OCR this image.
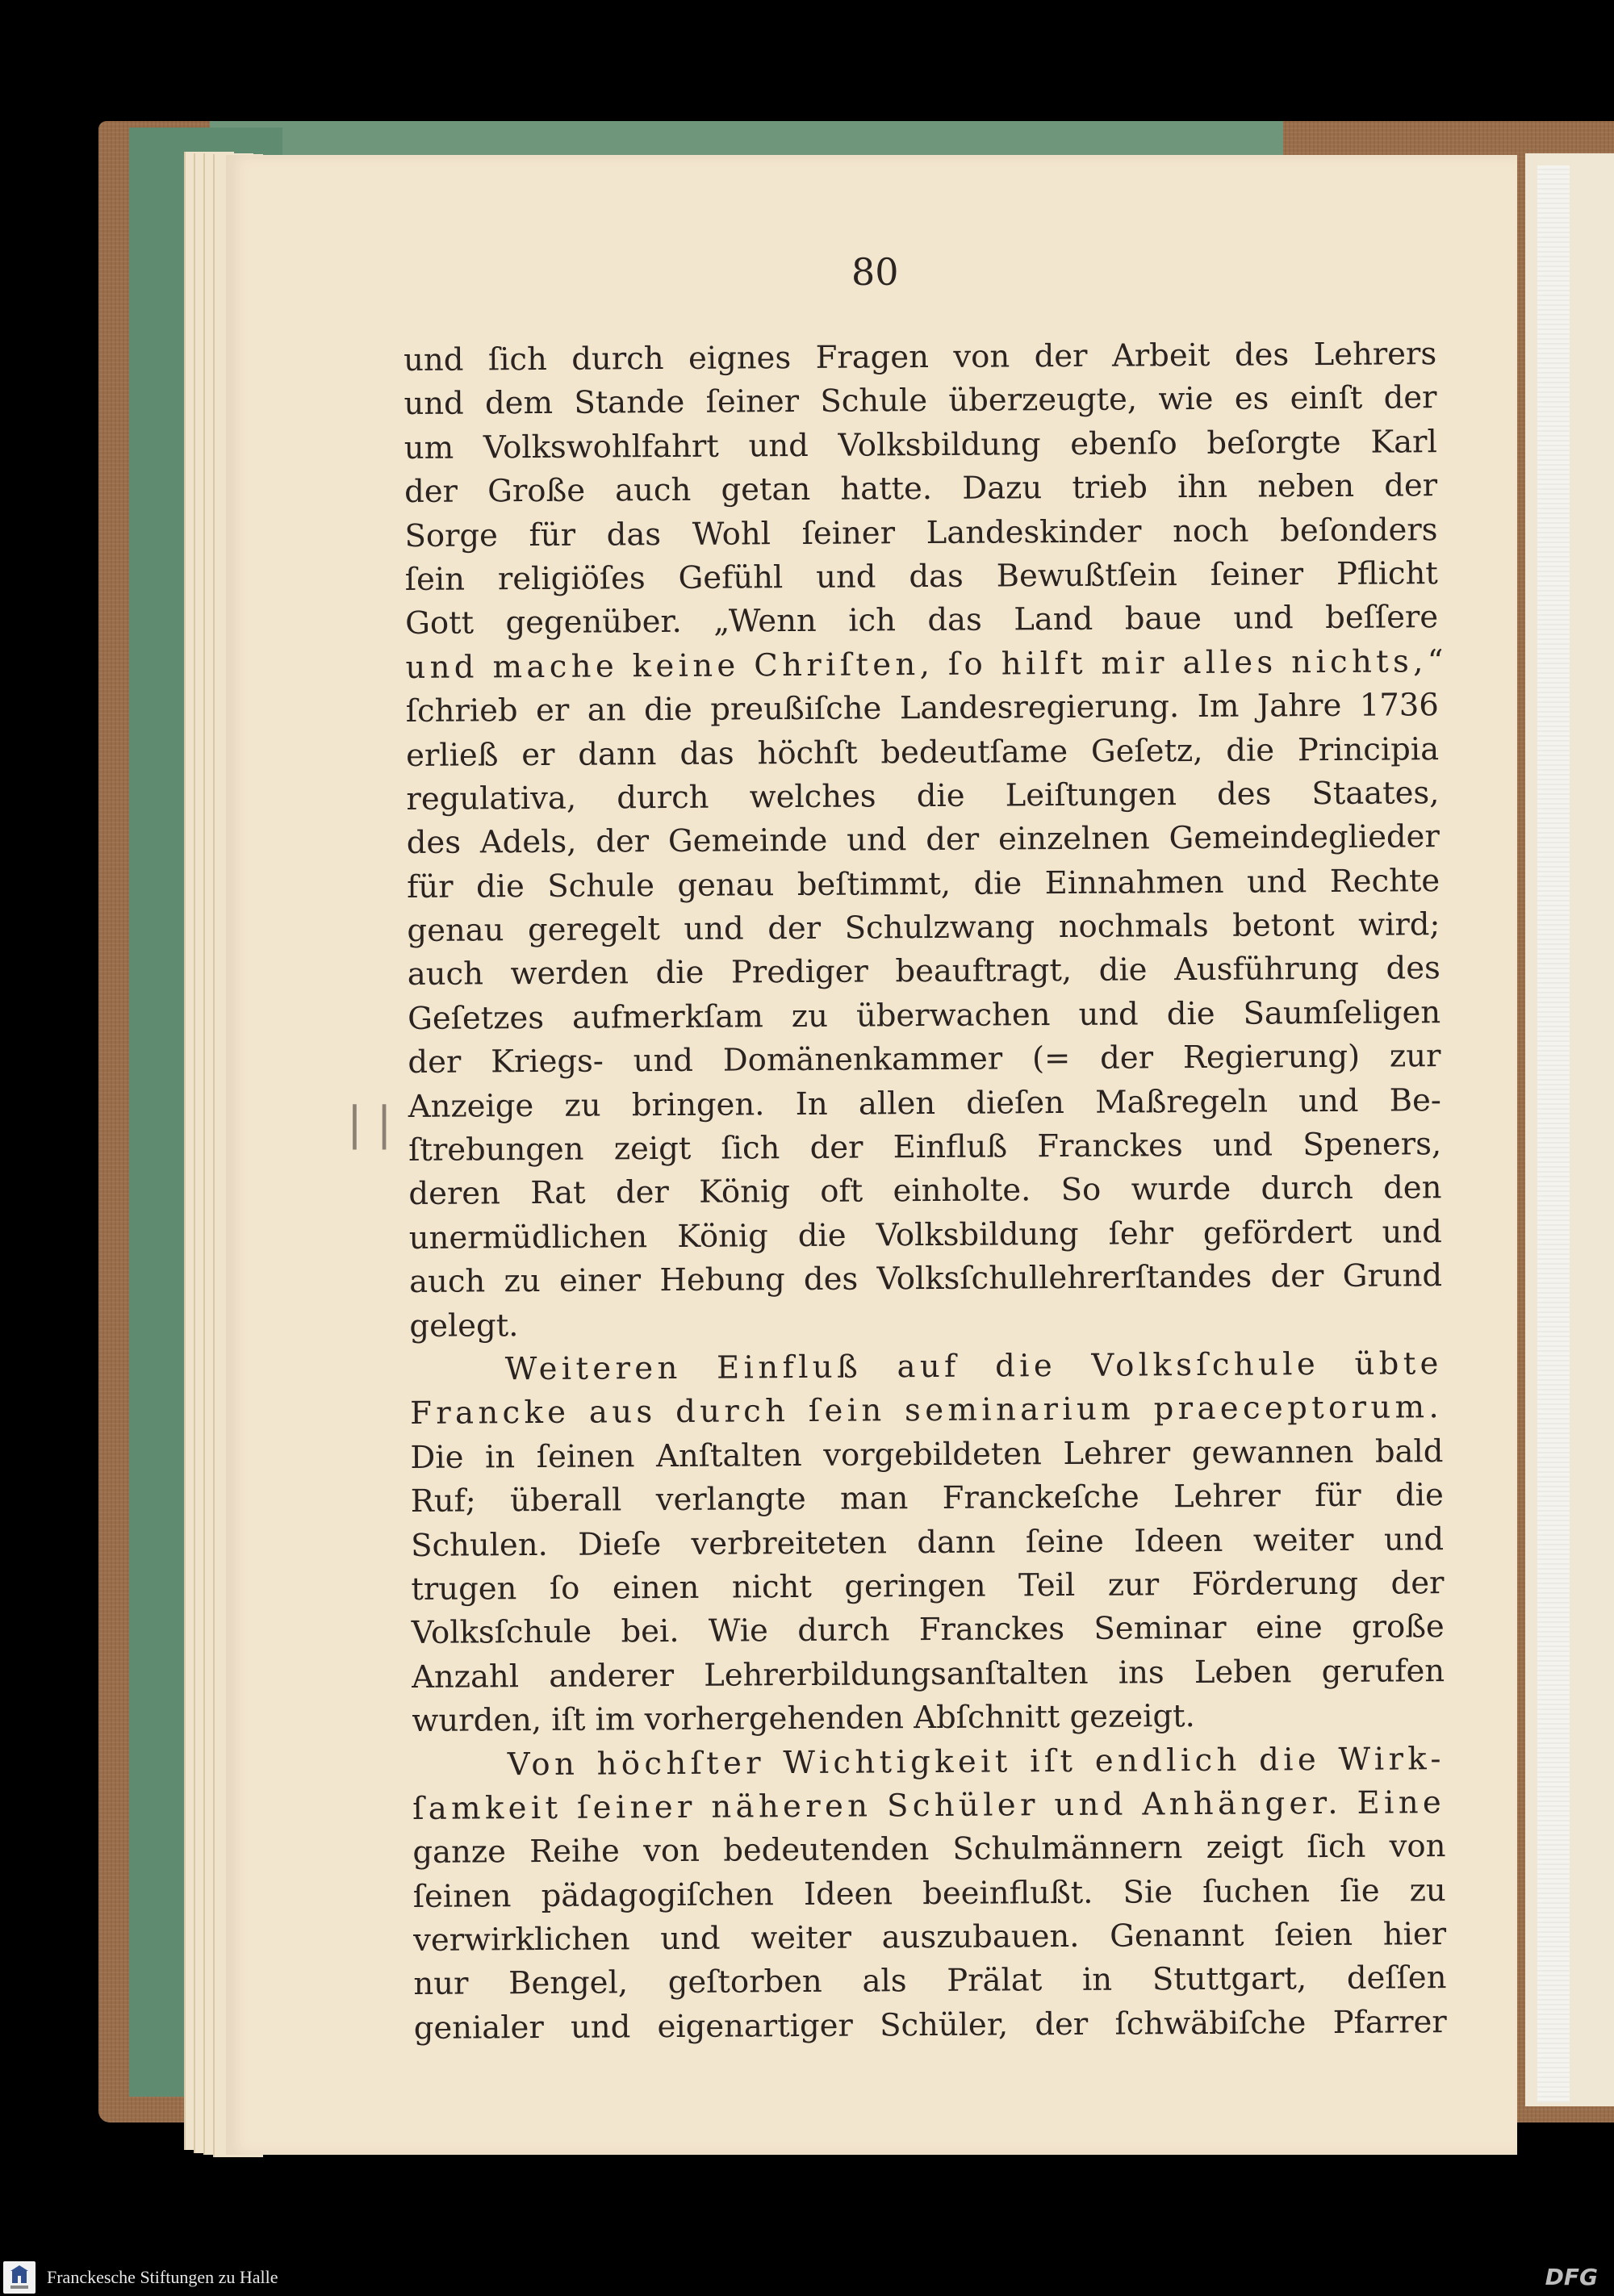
80
| |
und ſich durch eignes Fragen von der Arbeit des Lehrers
und dem Stande ſeiner Schule überzeugte, wie es einſt der
um Volkswohlfahrt und Volksbildung ebenſo beſorgte Karl
der Große auch getan hatte. Dazu trieb ihn neben der
Sorge für das Wohl ſeiner Landeskinder noch beſonders
ſein religiöſes Gefühl und das Bewußtſein ſeiner Pflicht
Gott gegenüber. „Wenn ich das Land baue und beſſere
und mache keine Chriſten, ſo hilft mir alles nichts,“
ſchrieb er an die preußiſche Landesregierung. Im Jahre 1736
erließ er dann das höchſt bedeutſame Geſetz, die Principia
regulativa, durch welches die Leiſtungen des Staates,
des Adels, der Gemeinde und der einzelnen Gemeindeglieder
für die Schule genau beſtimmt, die Einnahmen und Rechte
genau geregelt und der Schulzwang nochmals betont wird;
auch werden die Prediger beauftragt, die Ausführung des
Geſetzes aufmerkſam zu überwachen und die Saumſeligen
der Kriegs- und Domänenkammer (= der Regierung) zur
Anzeige zu bringen. In allen dieſen Maßregeln und Be-
ſtrebungen zeigt ſich der Einfluß Franckes und Speners,
deren Rat der König oft einholte. So wurde durch den
unermüdlichen König die Volksbildung ſehr gefördert und
auch zu einer Hebung des Volksſchullehrerſtandes der Grund
gelegt.
Weiteren Einfluß auf die Volksſchule übte
Francke aus durch ſein seminarium praeceptorum.
Die in ſeinen Anſtalten vorgebildeten Lehrer gewannen bald
Ruf; überall verlangte man Franckeſche Lehrer für die
Schulen. Dieſe verbreiteten dann ſeine Ideen weiter und
trugen ſo einen nicht geringen Teil zur Förderung der
Volksſchule bei. Wie durch Franckes Seminar eine große
Anzahl anderer Lehrerbildungsanſtalten ins Leben gerufen
wurden, iſt im vorhergehenden Abſchnitt gezeigt.
Von höchſter Wichtigkeit iſt endlich die Wirk-
ſamkeit ſeiner näheren Schüler und Anhänger. Eine
ganze Reihe von bedeutenden Schulmännern zeigt ſich von
ſeinen pädagogiſchen Ideen beeinflußt. Sie ſuchen ſie zu
verwirklichen und weiter auszubauen. Genannt ſeien hier
nur Bengel, geſtorben als Prälat in Stuttgart, deſſen
genialer und eigenartiger Schüler, der ſchwäbiſche Pfarrer
Franckesche Stiftungen zu Halle	DFG
